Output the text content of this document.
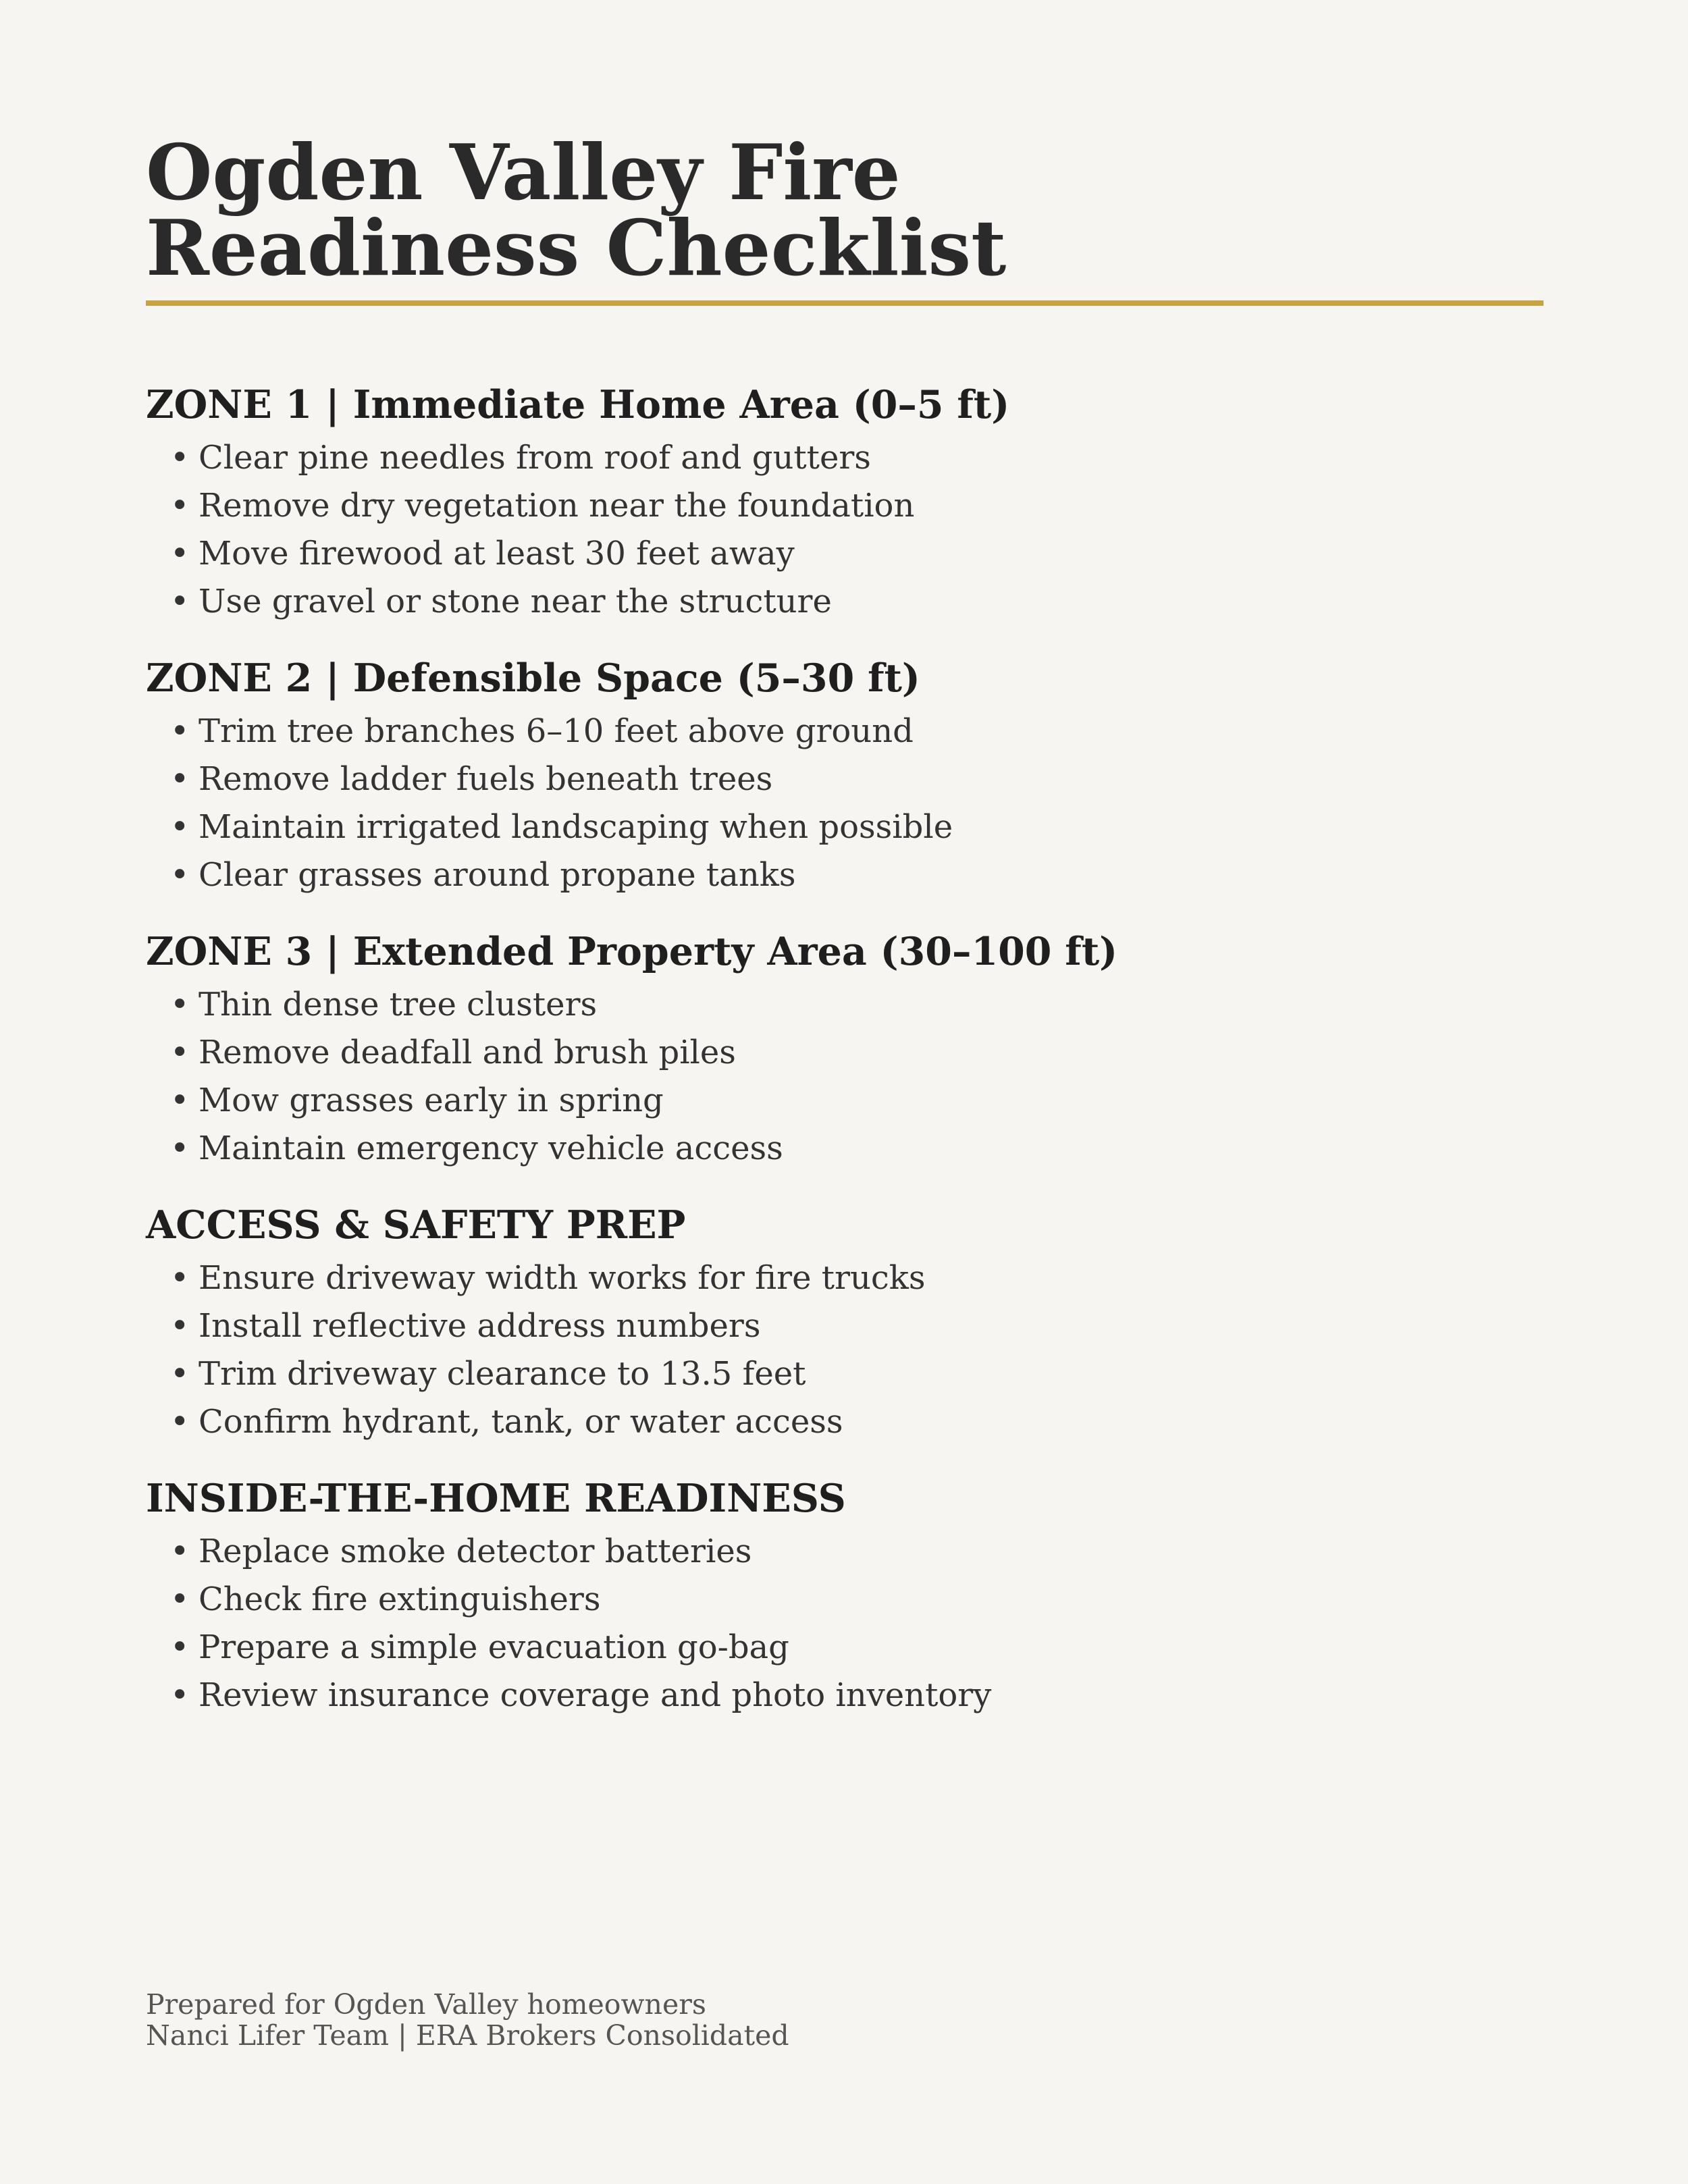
Ogden Valley Fire
Readiness Checklist
ZONE 1 | Immediate Home Area (0–5 ft)
• Clear pine needles from roof and gutters
• Remove dry vegetation near the foundation
• Move firewood at least 30 feet away
• Use gravel or stone near the structure
ZONE 2 | Defensible Space (5–30 ft)
• Trim tree branches 6–10 feet above ground
• Remove ladder fuels beneath trees
• Maintain irrigated landscaping when possible
• Clear grasses around propane tanks
ZONE 3 | Extended Property Area (30–100 ft)
• Thin dense tree clusters
• Remove deadfall and brush piles
• Mow grasses early in spring
• Maintain emergency vehicle access
ACCESS & SAFETY PREP
• Ensure driveway width works for fire trucks
• Install reflective address numbers
• Trim driveway clearance to 13.5 feet
• Confirm hydrant, tank, or water access
INSIDE-THE-HOME READINESS
• Replace smoke detector batteries
• Check fire extinguishers
• Prepare a simple evacuation go-bag
• Review insurance coverage and photo inventory
Prepared for Ogden Valley homeowners
Nanci Lifer Team | ERA Brokers Consolidated
